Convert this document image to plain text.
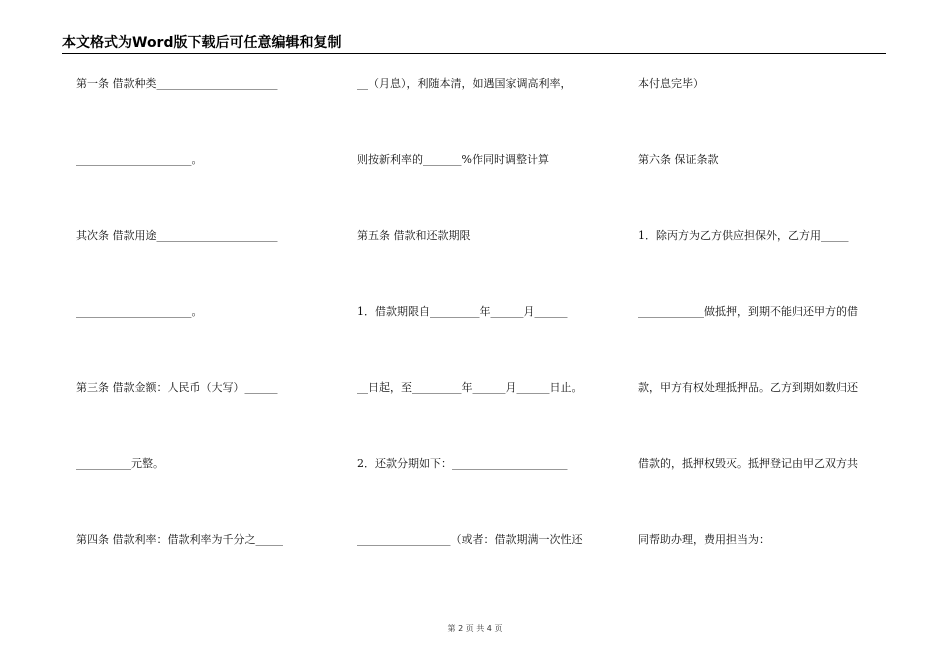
本文格式为Word版下载后可任意编辑和复制
第一条 借款种类______________________
_____________________。
其次条 借款用途______________________
_____________________。
第三条 借款金额：人民币（大写）______
__________元整。
第四条 借款利率：借款利率为千分之_____
__（月息），利随本清，如遇国家调高利率，
则按新利率的_______%作同时调整计算
第五条 借款和还款期限
1．借款期限自_________年______月______
__日起，至_________年______月______日止。
2．还款分期如下：_____________________
_________________（或者：借款期满一次性还
本付息完毕）
第六条 保证条款
1．除丙方为乙方供应担保外，乙方用_____
____________做抵押，到期不能归还甲方的借
款，甲方有权处理抵押品。乙方到期如数归还
借款的，抵押权毁灭。抵押登记由甲乙双方共
同帮助办理，费用担当为：
第 2 页 共 4 页
